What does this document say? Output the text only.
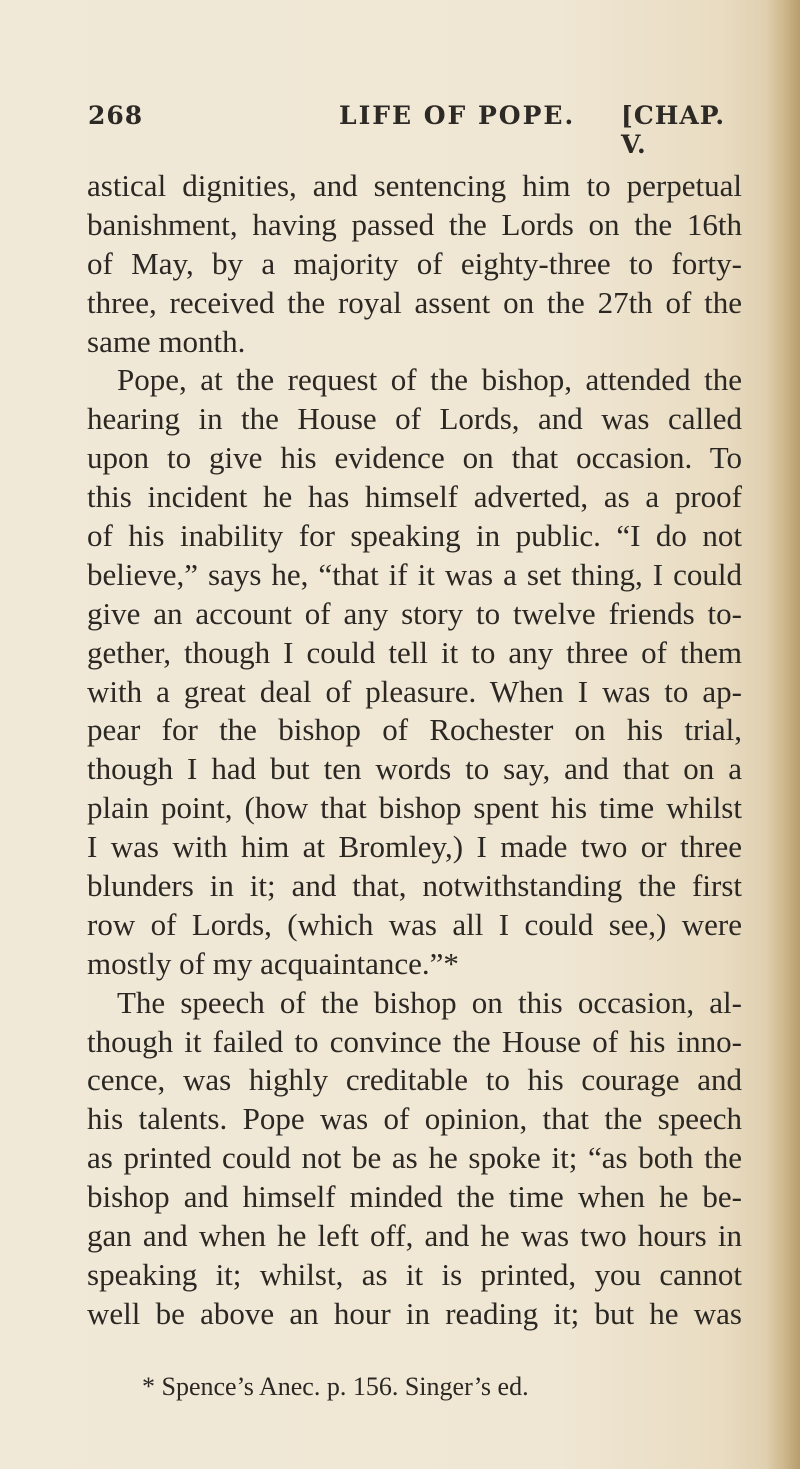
268	LIFE OF POPE. [CHAP. V.
astical dignities, and sentencing him to perpetual
banishment, having passed the Lords on the 16th
of May, by a majority of eighty-three to forty-
three, received the royal assent on the 27th of the
same month.
Pope, at the request of the bishop, attended the
hearing in the House of Lords, and was called
upon to give his evidence on that occasion. To
this incident he has himself adverted, as a proof
of his inability for speaking in public. “I do not
believe,” says he, “that if it was a set thing, I could
give an account of any story to twelve friends to-
gether, though I could tell it to any three of them
with a great deal of pleasure. When I was to ap-
pear for the bishop of Rochester on his trial,
though I had but ten words to say, and that on a
plain point, (how that bishop spent his time whilst
I was with him at Bromley,) I made two or three
blunders in it; and that, notwithstanding the first
row of Lords, (which was all I could see,) were
mostly of my acquaintance.”*
The speech of the bishop on this occasion, al-
though it failed to convince the House of his inno-
cence, was highly creditable to his courage and
his talents. Pope was of opinion, that the speech
as printed could not be as he spoke it; “as both the
bishop and himself minded the time when he be-
gan and when he left off, and he was two hours in
speaking it; whilst, as it is printed, you cannot
well be above an hour in reading it; but he was
* Spence’s Anec. p. 156. Singer’s ed.
